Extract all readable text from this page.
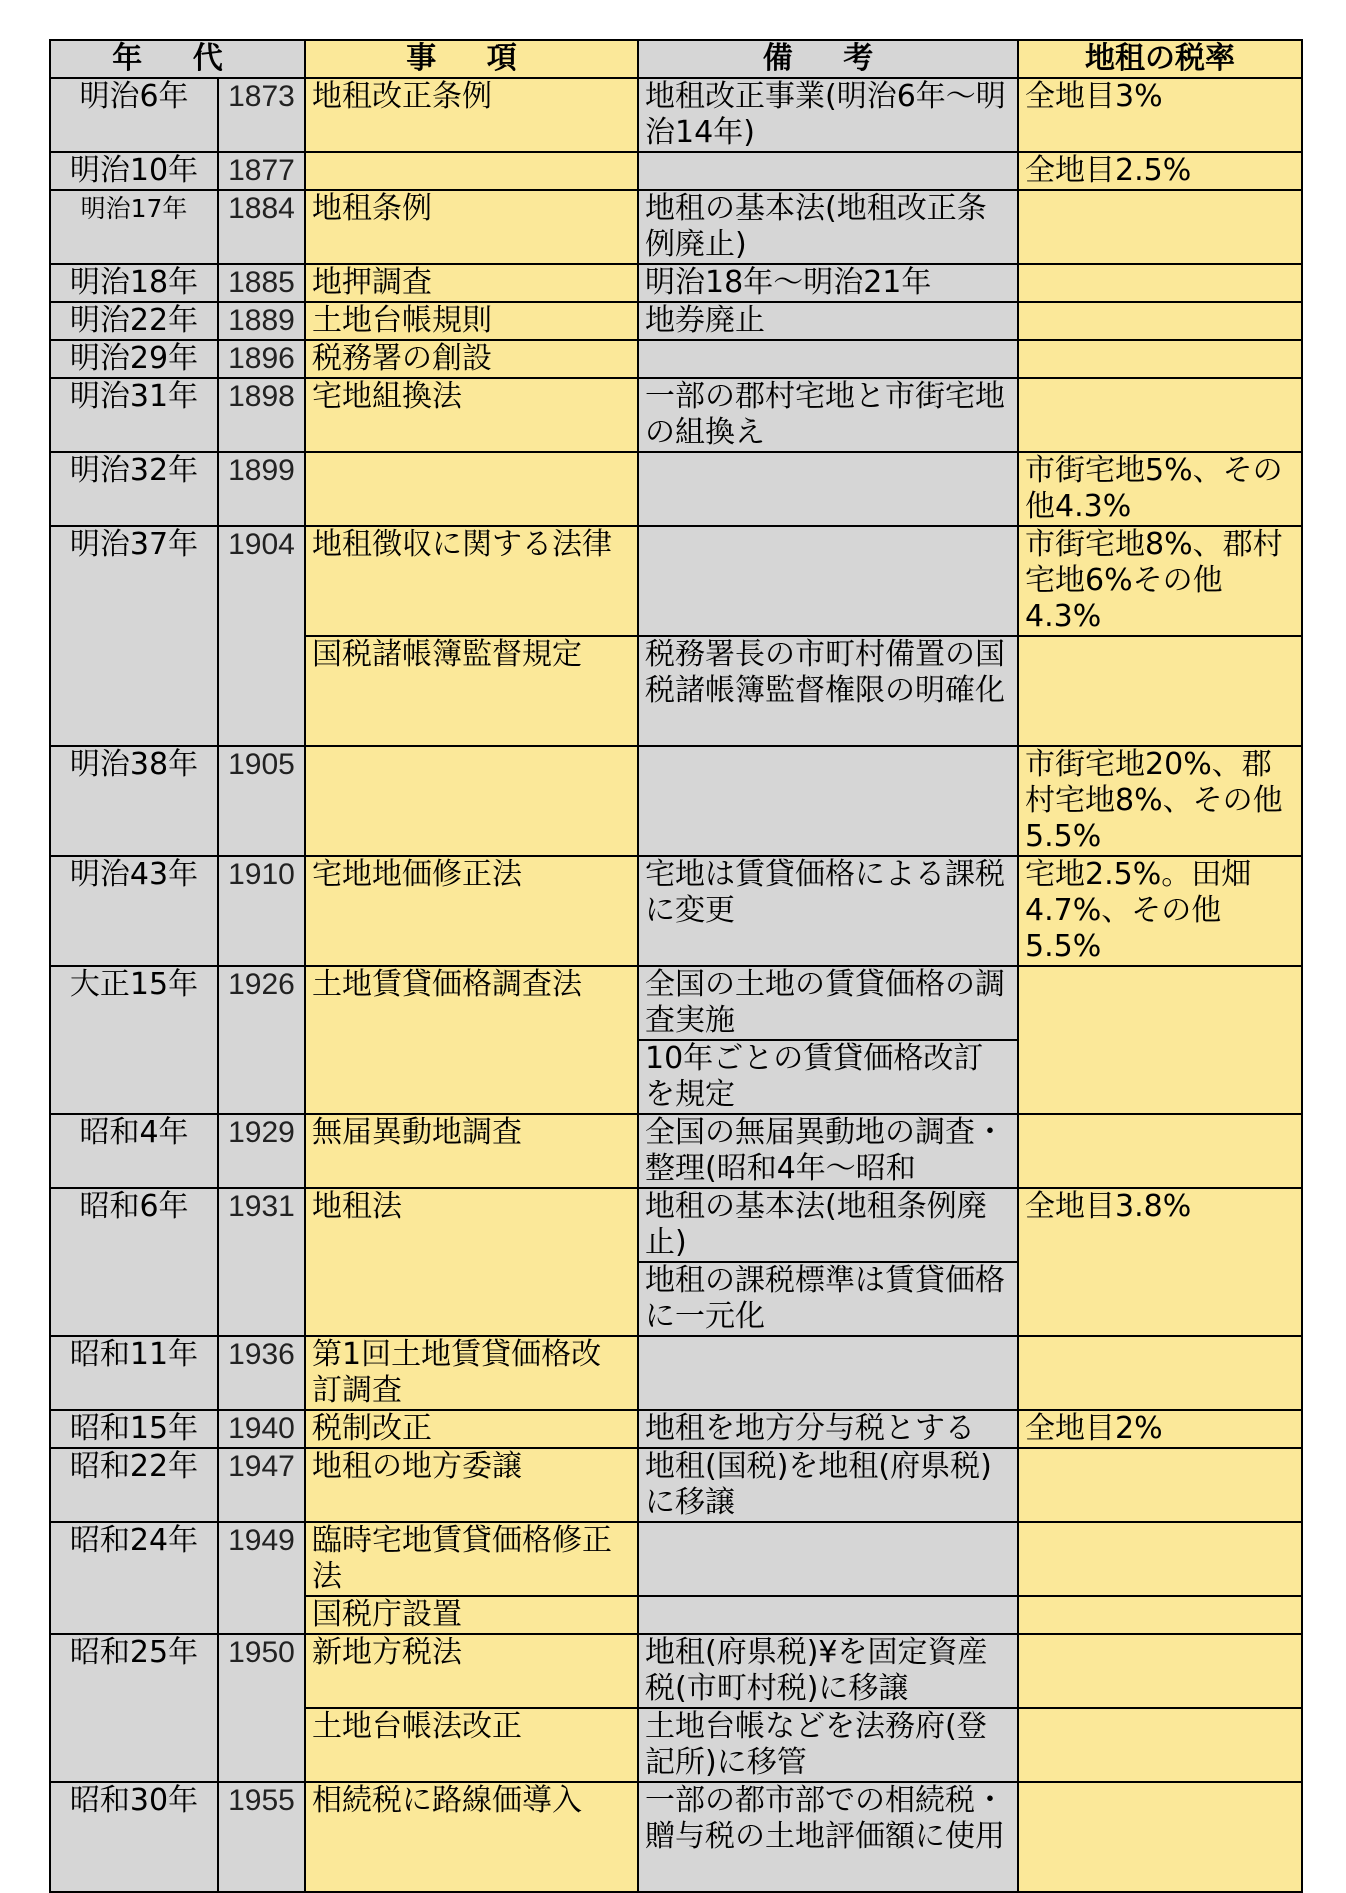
年 代		事 項	備 考	地租の税率
明治6年	1873	地租改正条例	地租改正事業(明治6年〜明治14年)	全地目3%
明治10年	1877			全地目2.5%
明治17年	1884	地租条例	地租の基本法(地租改正条例廃止)	
明治18年	1885	地押調査	明治18年〜明治21年	
明治22年	1889	土地台帳規則	地券廃止	
明治29年	1896	税務署の創設		
明治31年	1898	宅地組換法	一部の郡村宅地と市街宅地の組換え	
明治32年	1899			市街宅地5%、その他4.3%
明治37年	1904	地租徴収に関する法律		市街宅地8%、郡村宅地6%その他4.3%
		国税諸帳簿監督規定	税務署長の市町村備置の国税諸帳簿監督権限の明確化	
明治38年	1905			市街宅地20%、郡村宅地8%、その他5.5%
明治43年	1910	宅地地価修正法	宅地は賃貸価格による課税に変更	宅地2.5%。田畑4.7%、その他5.5%
大正15年	1926	土地賃貸価格調査法	全国の土地の賃貸価格の調査実施	
			10年ごとの賃貸価格改訂を規定	
昭和4年	1929	無届異動地調査	全国の無届異動地の調査・整理(昭和4年〜昭和	
昭和6年	1931	地租法	地租の基本法(地租条例廃止)	全地目3.8%
			地租の課税標準は賃貸価格に一元化	
昭和11年	1936	第1回土地賃貸価格改訂調査		
昭和15年	1940	税制改正	地租を地方分与税とする	全地目2%
昭和22年	1947	地租の地方委譲	地租(国税)を地租(府県税)に移譲	
昭和24年	1949	臨時宅地賃貸価格修正法		
		国税庁設置		
昭和25年	1950	新地方税法	地租(府県税)¥を固定資産税(市町村税)に移譲	
		土地台帳法改正	土地台帳などを法務府(登記所)に移管	
昭和30年	1955	相続税に路線価導入	一部の都市部での相続税・贈与税の土地評価額に使用	
